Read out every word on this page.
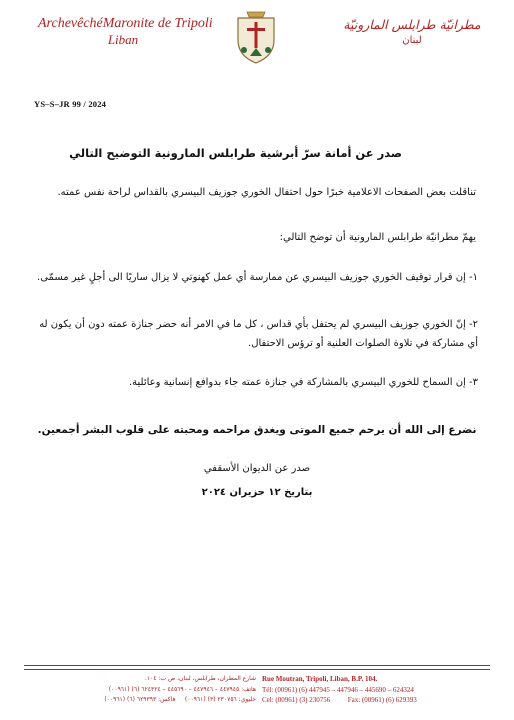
ArchevêchéMaronite de Tripoli
Liban
مطرانيّة طرابلس المارونيّة
لبنان
YS–S–JR 99 / 2024
صدر عن أمانة سرّ أبرشية طرابلس المارونية التوضيح التالي
تناقلت بعض الصفحات الاعلامية خبرًا حول احتفال الخوري جوزيف البيسري بالقداس لراحة نفس عمته.
يهمّ مطرانيّة طرابلس المارونية أن توضح التالي:
١- إن قرار توقيف الخوري جوزيف البيسري عن ممارسة أي عمل كهنوتي لا يزال ساريًا الى أجلٍ غير مسمّى.
٢- إنّ الخوري جوزيف البيسري لم يحتفل بأي قداس ، كل ما في الامر أنه حضر جنازة عمته دون أن يكون له أي مشاركة في تلاوة الصلوات العلنية أو ترؤس الاحتفال.
٣- إن السماح للخوري البيسري بالمشاركة في جنازة عمته جاء بدوافع إنسانية وعائلية.
نضرع إلى الله أن يرحم جميع الموتى ويغدق مراحمه ومحبته على قلوب البشر أجمعين.
صدر عن الديوان الأسقفي
بتاريخ ١٢ حزيران ٢٠٢٤
Rue Moutran, Tripoli, Liban, B.P. 104.
Tél: (00961) (6) 447945 – 447946 – 445690 – 624324
Cel: (00961) (3) 230756          Fax: (00961) (6) 629393
شارع المطران، طرابلس، لبنان، ص ب: ١٠٤.
هاتف: ٤٤٧٩٤٥ – ٤٤٧٩٤٦ – ٤٤٥٦٩٠ – ٦٢٤٣٢٤ (٦) (٠٠٩٦١)
خليوي: ٢٣٠٧٥٦ (٣) (٠٠٩٦١)     فاكس: ٦٢٩٣٩٣ (٦) (٠٠٩٦١)
